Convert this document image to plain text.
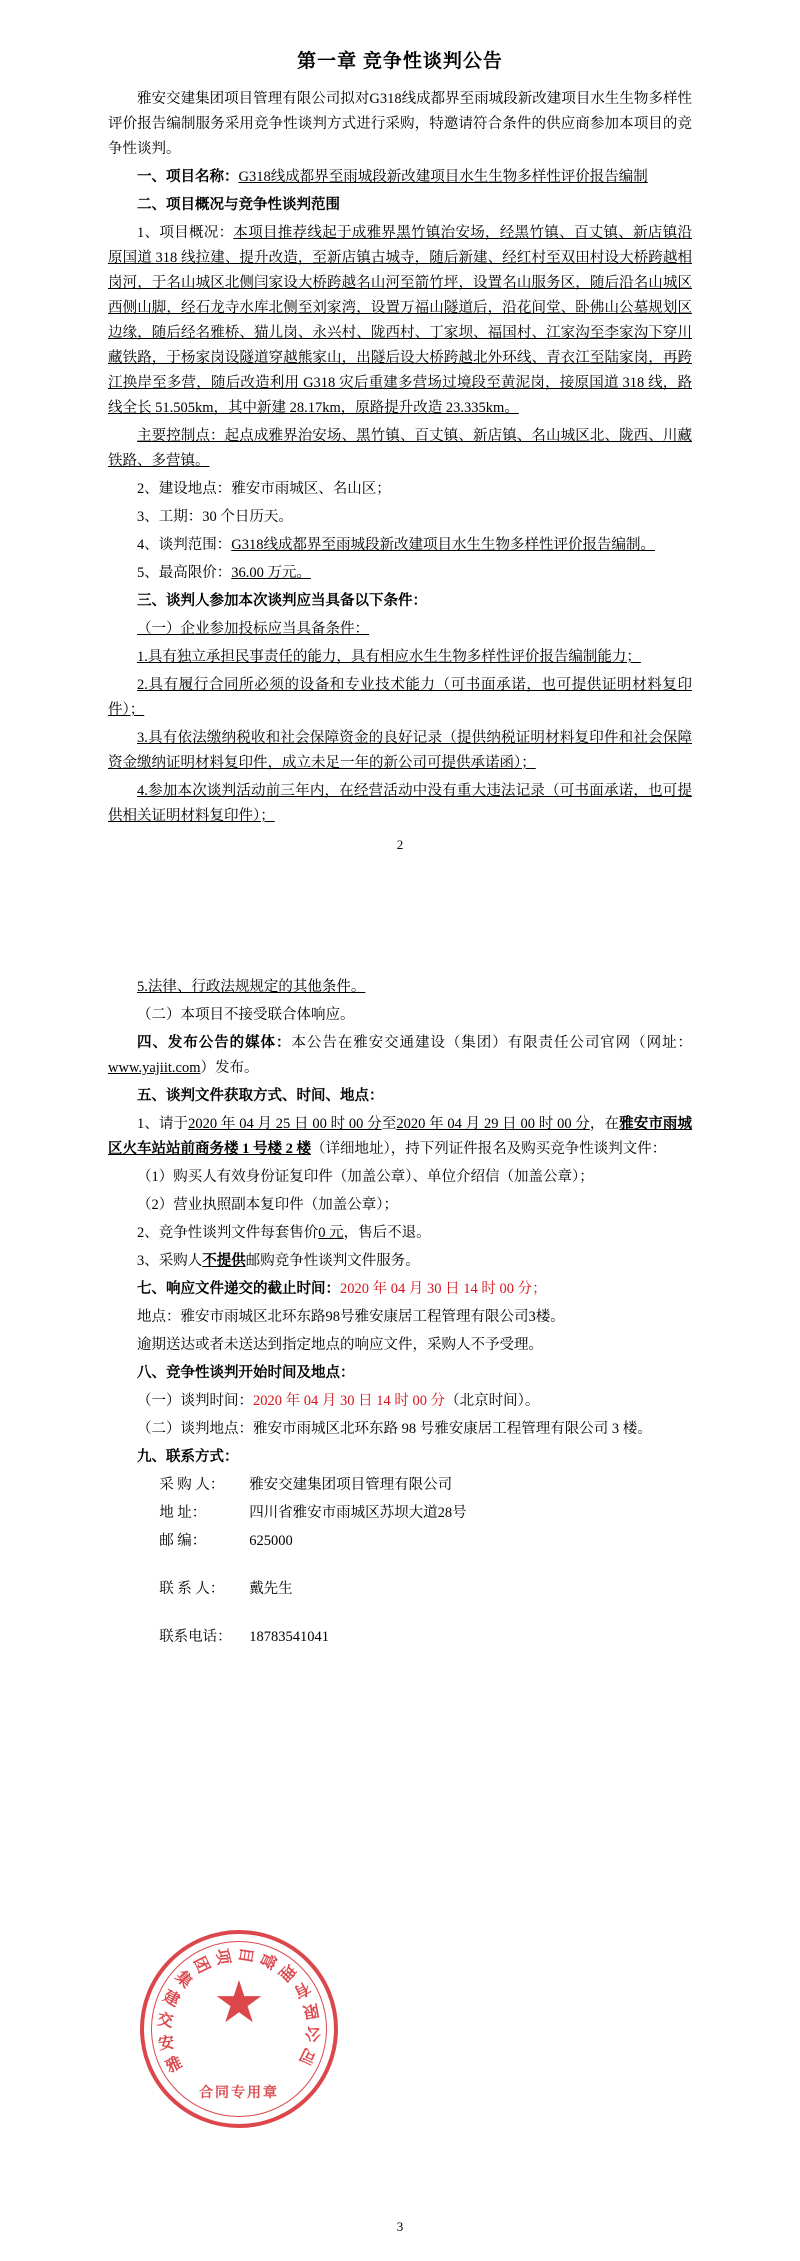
第一章 竞争性谈判公告

雅安交建集团项目管理有限公司拟对G318线成都界至雨城段新改建项目水生生物多样性评价报告编制服务采用竞争性谈判方式进行采购，特邀请符合条件的供应商参加本项目的竞争性谈判。

一、项目名称：G318线成都界至雨城段新改建项目水生生物多样性评价报告编制

二、项目概况与竞争性谈判范围

1、项目概况：本项目推荐线起于成雅界黑竹镇治安场，经黑竹镇、百丈镇、新店镇沿原国道 318 线拉建、提升改造，至新店镇古城寺，随后新建、经红村至双田村设大桥跨越相岗河，于名山城区北侧闫家设大桥跨越名山河至箭竹坪，设置名山服务区，随后沿名山城区西侧山脚，经石龙寺水库北侧至刘家湾，设置万福山隧道后，沿花间堂、卧佛山公墓规划区边缘，随后经名雅桥、猫儿岗、永兴村、陇西村、丁家坝、福国村、江家沟至李家沟下穿川藏铁路，于杨家岗设隧道穿越熊家山，出隧后设大桥跨越北外环线、青衣江至陆家岗，再跨江换岸至多营，随后改造利用 G318 灾后重建多营场过境段至黄泥岗，接原国道 318 线，路线全长 51.505km，其中新建 28.17km，原路提升改造 23.335km。

主要控制点：起点成雅界治安场、黑竹镇、百丈镇、新店镇、名山城区北、陇西、川藏铁路、多营镇。

2、建设地点：雅安市雨城区、名山区；

3、工期：30 个日历天。

4、谈判范围：G318线成都界至雨城段新改建项目水生生物多样性评价报告编制。

5、最高限价：36.00 万元。

三、谈判人参加本次谈判应当具备以下条件：

（一）企业参加投标应当具备条件：

1.具有独立承担民事责任的能力，具有相应水生生物多样性评价报告编制能力；

2.具有履行合同所必须的设备和专业技术能力（可书面承诺，也可提供证明材料复印件）；

3.具有依法缴纳税收和社会保障资金的良好记录（提供纳税证明材料复印件和社会保障资金缴纳证明材料复印件，成立未足一年的新公司可提供承诺函）；

4.参加本次谈判活动前三年内，在经营活动中没有重大违法记录（可书面承诺，也可提供相关证明材料复印件）；

2

5.法律、行政法规规定的其他条件。

（二）本项目不接受联合体响应。

四、发布公告的媒体：本公告在雅安交通建设（集团）有限责任公司官网（网址：www.yajiit.com）发布。

五、谈判文件获取方式、时间、地点：

1、请于2020 年 04 月 25 日 00 时 00 分至2020 年 04 月 29 日 00 时 00 分，在雅安市雨城区火车站站前商务楼 1 号楼 2 楼（详细地址），持下列证件报名及购买竞争性谈判文件：

（1）购买人有效身份证复印件（加盖公章）、单位介绍信（加盖公章）；

（2）营业执照副本复印件（加盖公章）；

2、竞争性谈判文件每套售价0 元，售后不退。

3、采购人不提供邮购竞争性谈判文件服务。

七、响应文件递交的截止时间：2020 年 04 月 30 日 14 时 00 分；

地点：雅安市雨城区北环东路98号雅安康居工程管理有限公司3楼。

逾期送达或者未送达到指定地点的响应文件，采购人不予受理。

八、竞争性谈判开始时间及地点：

（一）谈判时间：2020 年 04 月 30 日 14 时 00 分（北京时间）。

（二）谈判地点：雅安市雨城区北环东路 98 号雅安康居工程管理有限公司 3 楼。

九、联系方式：

采 购 人：	雅安交建集团项目管理有限公司

地 址：	四川省雅安市雨城区苏坝大道28号

邮 编：	625000

联 系 人：	戴先生

联系电话：	18783541041

雅
安
交
建
集
团 项 目 管
理
有
限
公
司
★
合同专用章
3
